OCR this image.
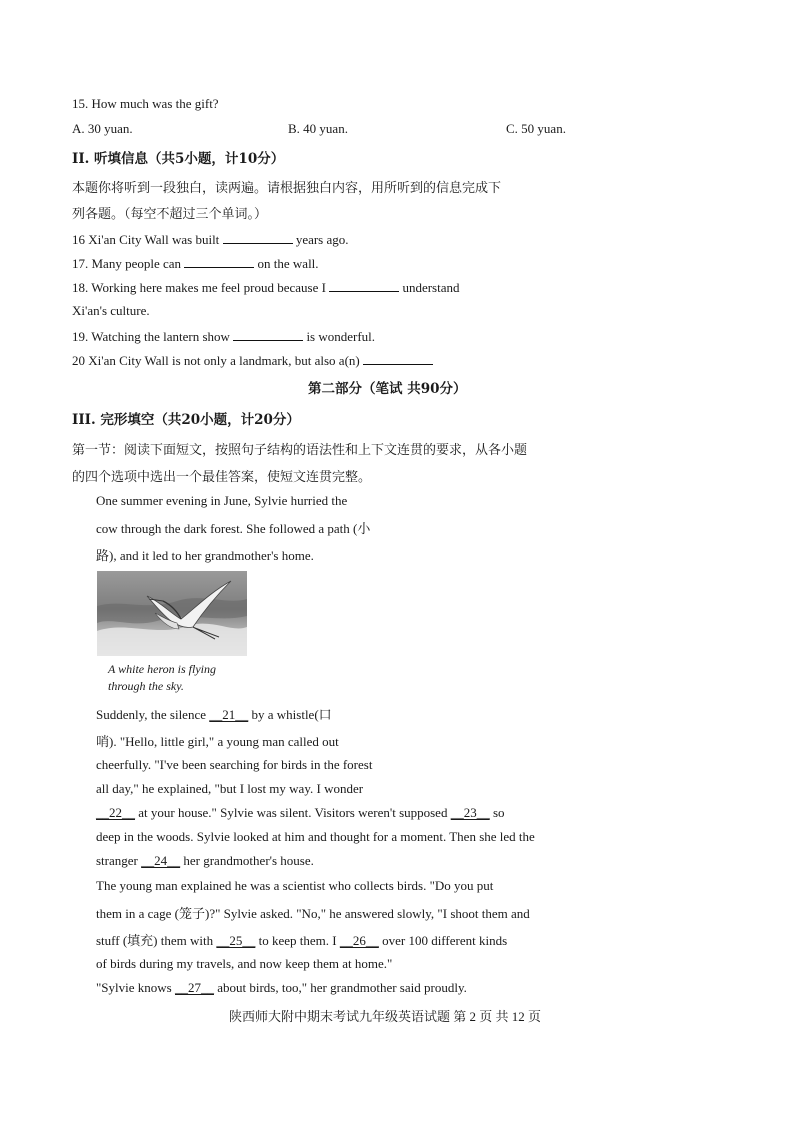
15. How much was the gift?
A. 30 yuan.	B. 40 yuan.	C. 50 yuan.
II. 听填信息（共5小题，计10分）
本题你将听到一段独白，读两遍。请根据独白内容，用所听到的信息完成下
列各题。（每空不超过三个单词。）
16 Xi'an City Wall was built	years ago.
17. Many people can	on the wall.
18. Working here makes me feel proud because I	understand
Xi'an's culture.
19. Watching the lantern show	is wonderful.
20 Xi'an City Wall is not only a landmark, but also a(n)
第二部分（笔试 共90分）
III. 完形填空（共20小题，计20分）
第一节：阅读下面短文，按照句子结构的语法性和上下文连贯的要求，从各小题
的四个选项中选出一个最佳答案，使短文连贯完整。
One summer evening in June, Sylvie hurried the
cow through the dark forest. She followed a path (小
路), and it led to her grandmother's home.
A white heron is flying
through the sky.
Suddenly, the silence __21__ by a whistle(口
哨). "Hello, little girl," a young man called out
cheerfully. "I've been searching for birds in the forest
all day," he explained, "but I lost my way. I wonder
__22__ at your house." Sylvie was silent. Visitors weren't supposed __23__ so
deep in the woods. Sylvie looked at him and thought for a moment. Then she led the
stranger __24__ her grandmother's house.
The young man explained he was a scientist who collects birds. "Do you put
them in a cage (笼子)?" Sylvie asked. "No," he answered slowly, "I shoot them and
stuff (填充) them with __25__ to keep them. I __26__ over 100 different kinds
of birds during my travels, and now keep them at home."
"Sylvie knows __27__ about birds, too," her grandmother said proudly.
陕西师大附中期末考试九年级英语试题 第 2 页 共 12 页
